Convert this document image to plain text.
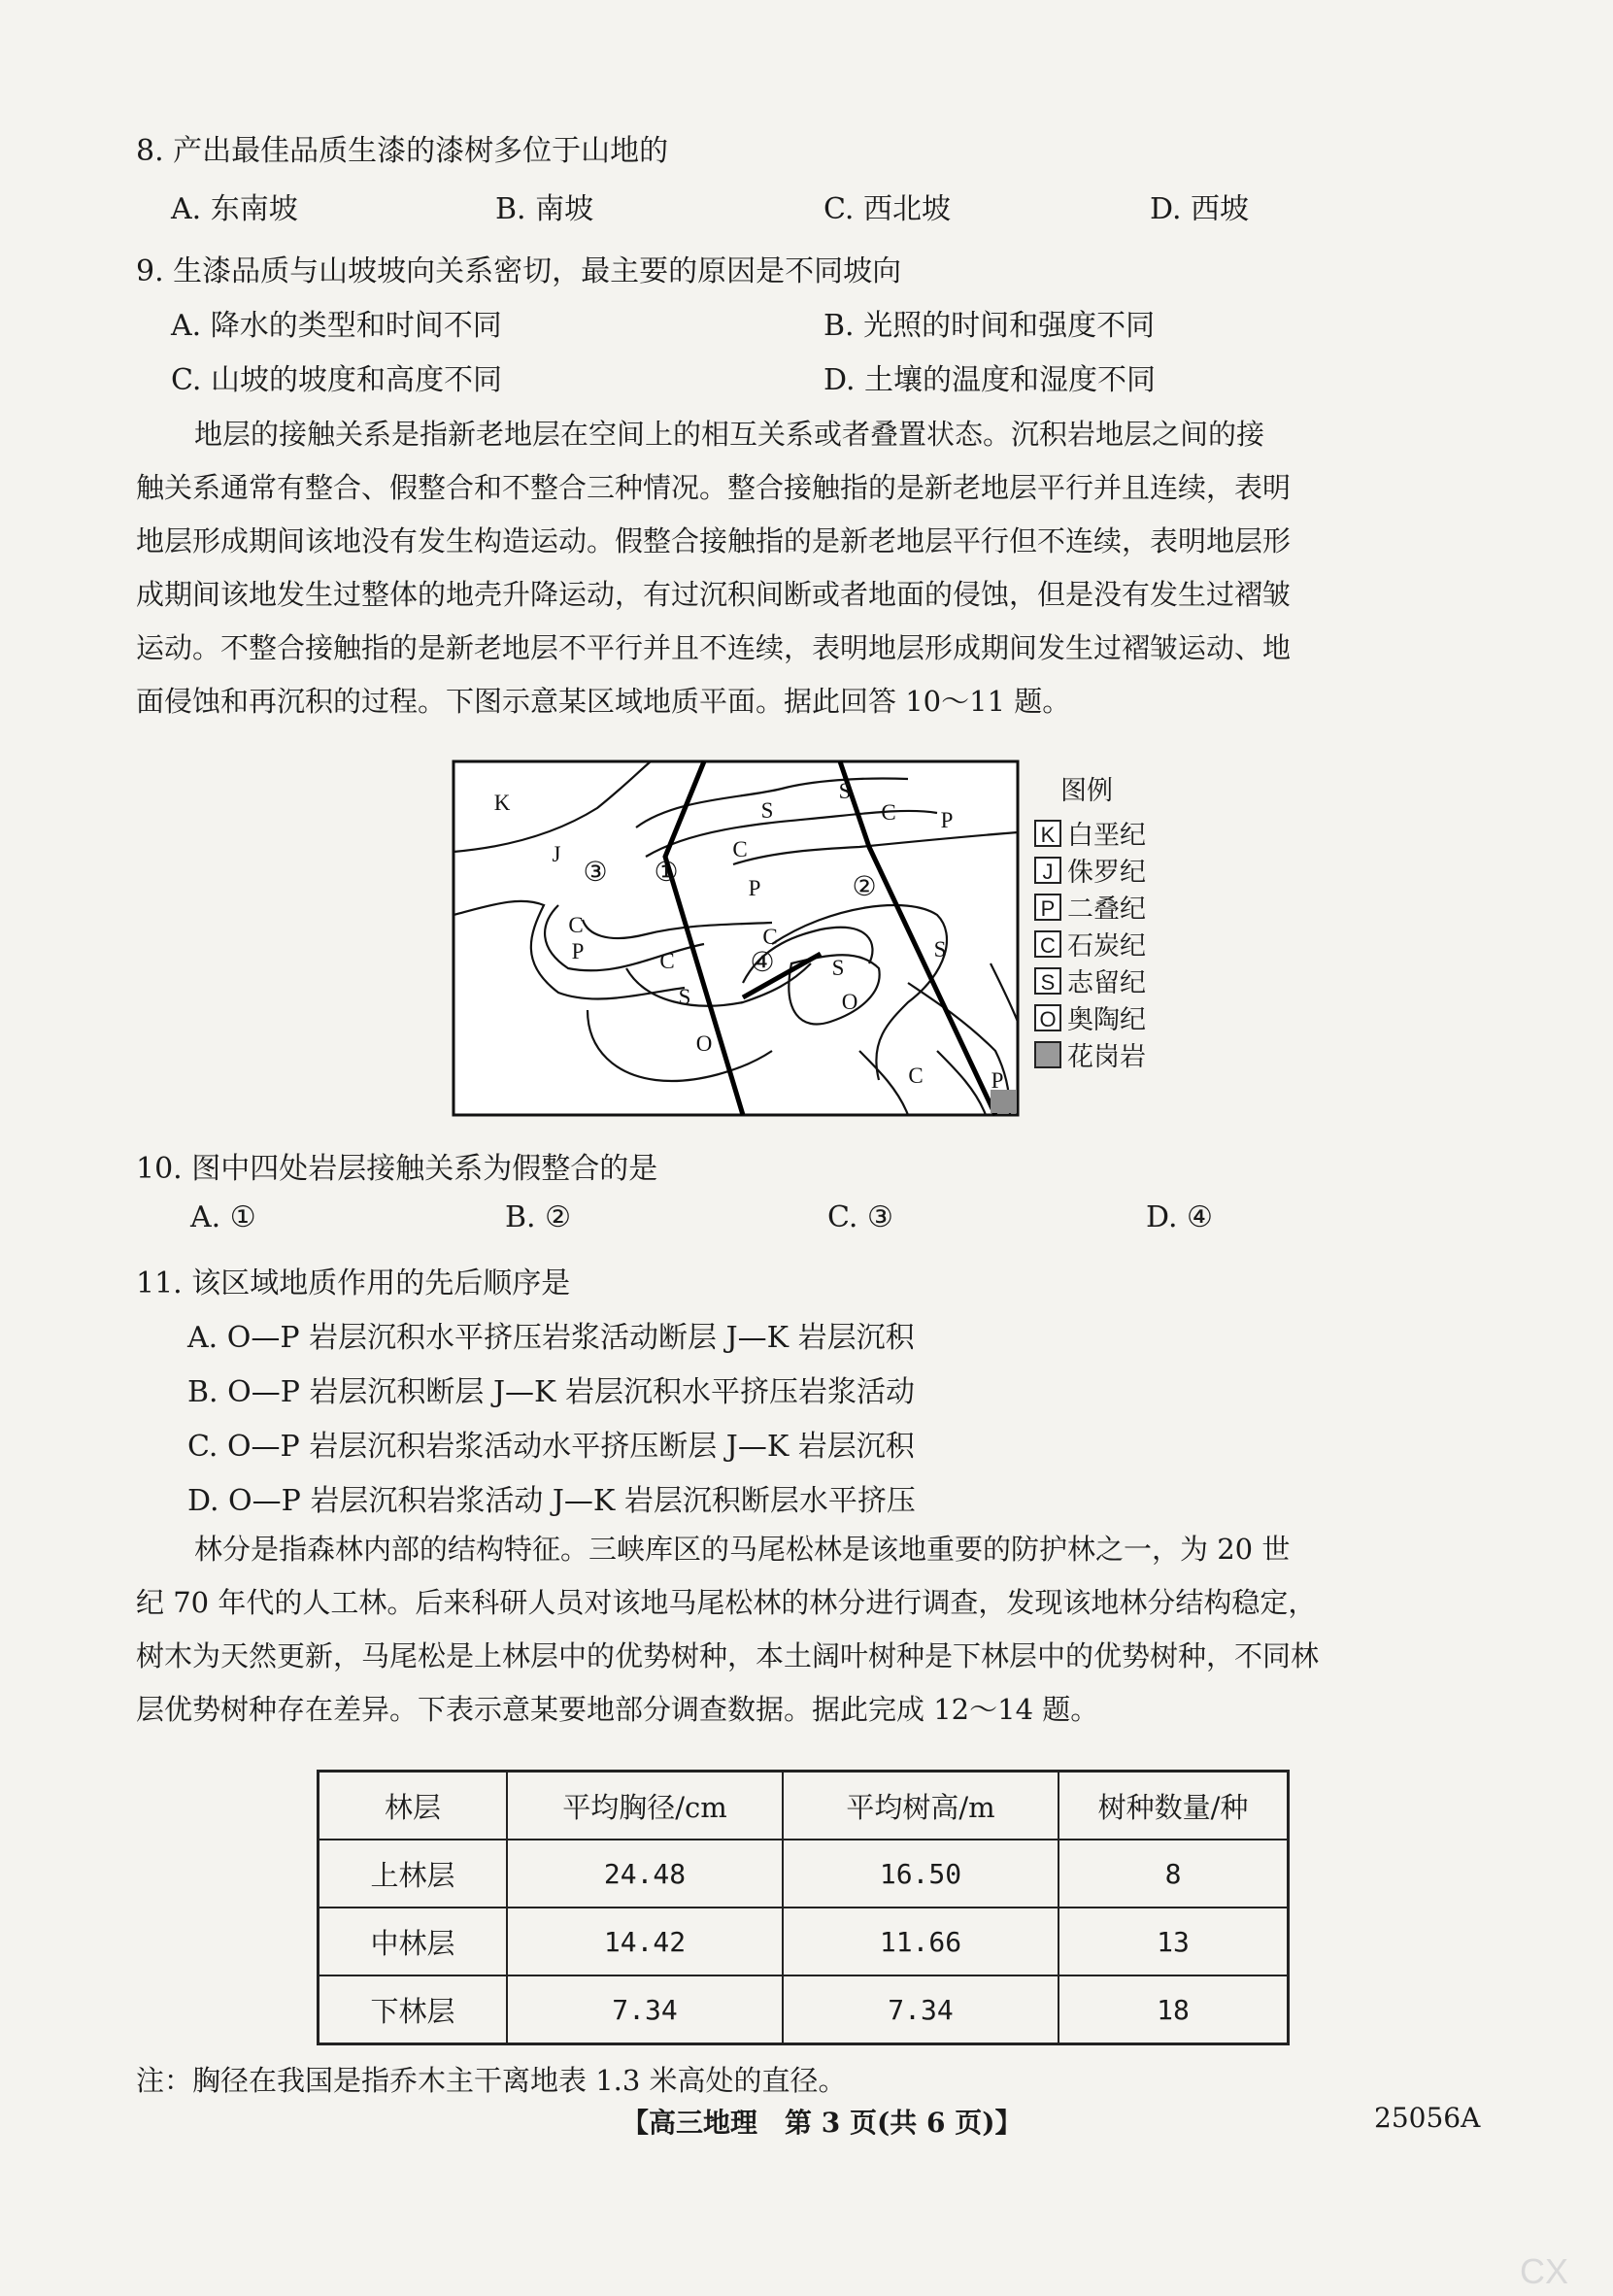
8. 产出最佳品质生漆的漆树多位于山地的
A. 东南坡	B. 南坡	C. 西北坡	D. 西坡
9. 生漆品质与山坡坡向关系密切，最主要的原因是不同坡向
A. 降水的类型和时间不同	B. 光照的时间和强度不同
C. 山坡的坡度和高度不同	D. 土壤的温度和湿度不同
地层的接触关系是指新老地层在空间上的相互关系或者叠置状态。沉积岩地层之间的接
触关系通常有整合、假整合和不整合三种情况。整合接触指的是新老地层平行并且连续，表明
地层形成期间该地没有发生构造运动。假整合接触指的是新老地层平行但不连续，表明地层形
成期间该地发生过整体的地壳升降运动，有过沉积间断或者地面的侵蚀，但是没有发生过褶皱
运动。不整合接触指的是新老地层不平行并且不连续，表明地层形成期间发生过褶皱运动、地
面侵蚀和再沉积的过程。下图示意某区域地质平面。据此回答 10～11 题。
K
J
S
S
C
C
C
C
C
C
P
P
P
P
S
S
S
O
O
③ ①	②
④
图例
K 白垩纪
J 侏罗纪
P 二叠纪
C 石炭纪
S 志留纪
O 奥陶纪
花岗岩
10. 图中四处岩层接触关系为假整合的是
A. ①	B. ②	C. ③	D. ④
11. 该区域地质作用的先后顺序是
A. O—P 岩层沉积水平挤压岩浆活动断层 J—K 岩层沉积
B. O—P 岩层沉积断层 J—K 岩层沉积水平挤压岩浆活动
C. O—P 岩层沉积岩浆活动水平挤压断层 J—K 岩层沉积
D. O—P 岩层沉积岩浆活动 J—K 岩层沉积断层水平挤压
林分是指森林内部的结构特征。三峡库区的马尾松林是该地重要的防护林之一，为 20 世
纪 70 年代的人工林。后来科研人员对该地马尾松林的林分进行调查，发现该地林分结构稳定，
树木为天然更新，马尾松是上林层中的优势树种，本土阔叶树种是下林层中的优势树种，不同林
层优势树种存在差异。下表示意某要地部分调查数据。据此完成 12～14 题。
林层	平均胸径/cm	平均树高/m	树种数量/种
上林层	24.48	16.50	8
中林层	14.42	11.66	13
下林层	7.34	7.34	18
注：胸径在我国是指乔木主干离地表 1.3 米高处的直径。
【高三地理　第 3 页(共 6 页)】	25056A
CX
